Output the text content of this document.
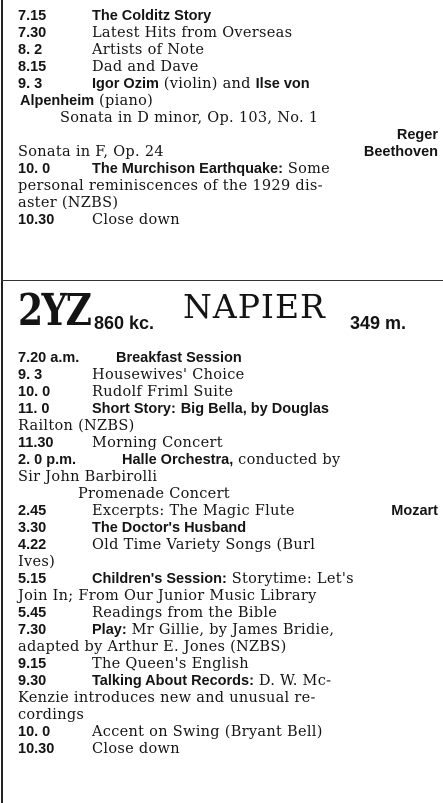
7.15	The Colditz Story
7.30	Latest Hits from Overseas
8. 2	Artists of Note
8.15	Dad and Dave
9. 3	Igor Ozim (violin) and Ilse von
Alpenheim (piano)
Sonata in D minor, Op. 103, No. 1
Reger
Sonata in F, Op. 24	Beethoven
10. 0	The Murchison Earthquake: Some
personal reminiscences of the 1929 dis-
aster (NZBS)
10.30	Close down
2YZ 860 kc. NAPIER 349 m.
7.20 a.m.	Breakfast Session
9. 3	Housewives' Choice
10. 0	Rudolf Friml Suite
11. 0	Short Story: Big Bella, by Douglas
Railton (NZBS)
11.30	Morning Concert
2. 0 p.m.	Halle Orchestra, conducted by
Sir John Barbirolli
Promenade Concert
2.45	Excerpts: The Magic Flute	Mozart
3.30	The Doctor's Husband
4.22	Old Time Variety Songs (Burl
Ives)
5.15	Children's Session: Storytime: Let's
Join In; From Our Junior Music Library
5.45	Readings from the Bible
7.30	Play: Mr Gillie, by James Bridie,
adapted by Arthur E. Jones (NZBS)
9.15	The Queen's English
9.30	Talking About Records: D. W. Mc-
Kenzie introduces new and unusual re-
cordings
10. 0	Accent on Swing (Bryant Bell)
10.30	Close down
